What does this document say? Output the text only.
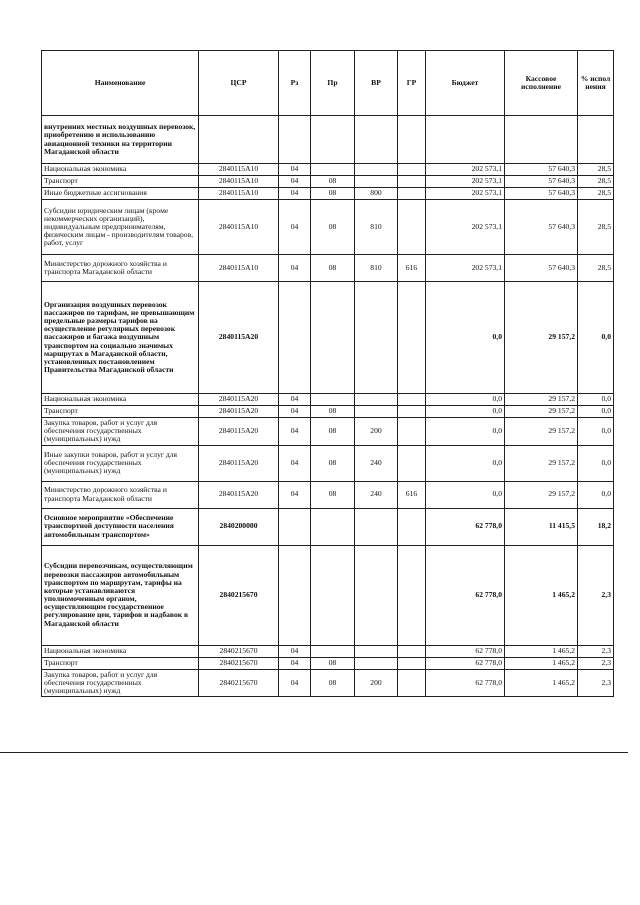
Наименование	ЦСР	Рз	Пр	ВР	ГР	Бюджет	Кассовое исполнение	% испол нения
внутренних местных воздушных перевозок, приобретению и использованию авиационной техники на территории Магаданской области								
Национальная экономика	2840115А10	04				202 573,1	57 640,3	28,5
Транспорт	2840115А10	04	08			202 573,1	57 640,3	28,5
Иные бюджетные ассигнования	2840115А10	04	08	800		202 573,1	57 640,3	28,5
Субсидии юридическим лицам (кроме некоммерческих организаций), индивидуальным предпринимателям, физическим лицам - производителям товаров, работ, услуг	2840115А10	04	08	810		202 573,1	57 640,3	28,5
Министерство дорожного хозяйства и транспорта Магаданской области	2840115А10	04	08	810	616	202 573,1	57 640,3	28,5
Организация воздушных перевозок пассажиров по тарифам, не превышающим предельные размеры тарифов на осуществление регулярных перевозок пассажиров и багажа воздушным транспортом на социально значимых маршрутах в Магаданской области, установленных постановлением Правительства Магаданской области	2840115А20					0,0	29 157,2	0,0
Национальная экономика	2840115А20	04				0,0	29 157,2	0,0
Транспорт	2840115А20	04	08			0,0	29 157,2	0,0
Закупка товаров, работ и услуг для обеспечения государственных (муниципальных) нужд	2840115А20	04	08	200		0,0	29 157,2	0,0
Иные закупки товаров, работ и услуг для обеспечения государственных (муниципальных) нужд	2840115А20	04	08	240		0,0	29 157,2	0,0
Министерство дорожного хозяйства и транспорта Магаданской области	2840115А20	04	08	240	616	0,0	29 157,2	0,0
Основное мероприятие «Обеспечение транспортной доступности населения автомобильным транспортом»	2840200000					62 778,0	11 415,5	18,2
Субсидии перевозчикам, осуществляющим перевозки пассажиров автомобильным транспортом по маршрутам, тарифы на которые устанавливаются уполномоченным органом, осуществляющим государственное регулирование цен, тарифов и надбавок в Магаданской области	2840215670					62 778,0	1 465,2	2,3
Национальная экономика	2840215670	04				62 778,0	1 465,2	2,3
Транспорт	2840215670	04	08			62 778,0	1 465,2	2,3
Закупка товаров, работ и услуг для обеспечения государственных (муниципальных) нужд	2840215670	04	08	200		62 778,0	1 465,2	2,3
